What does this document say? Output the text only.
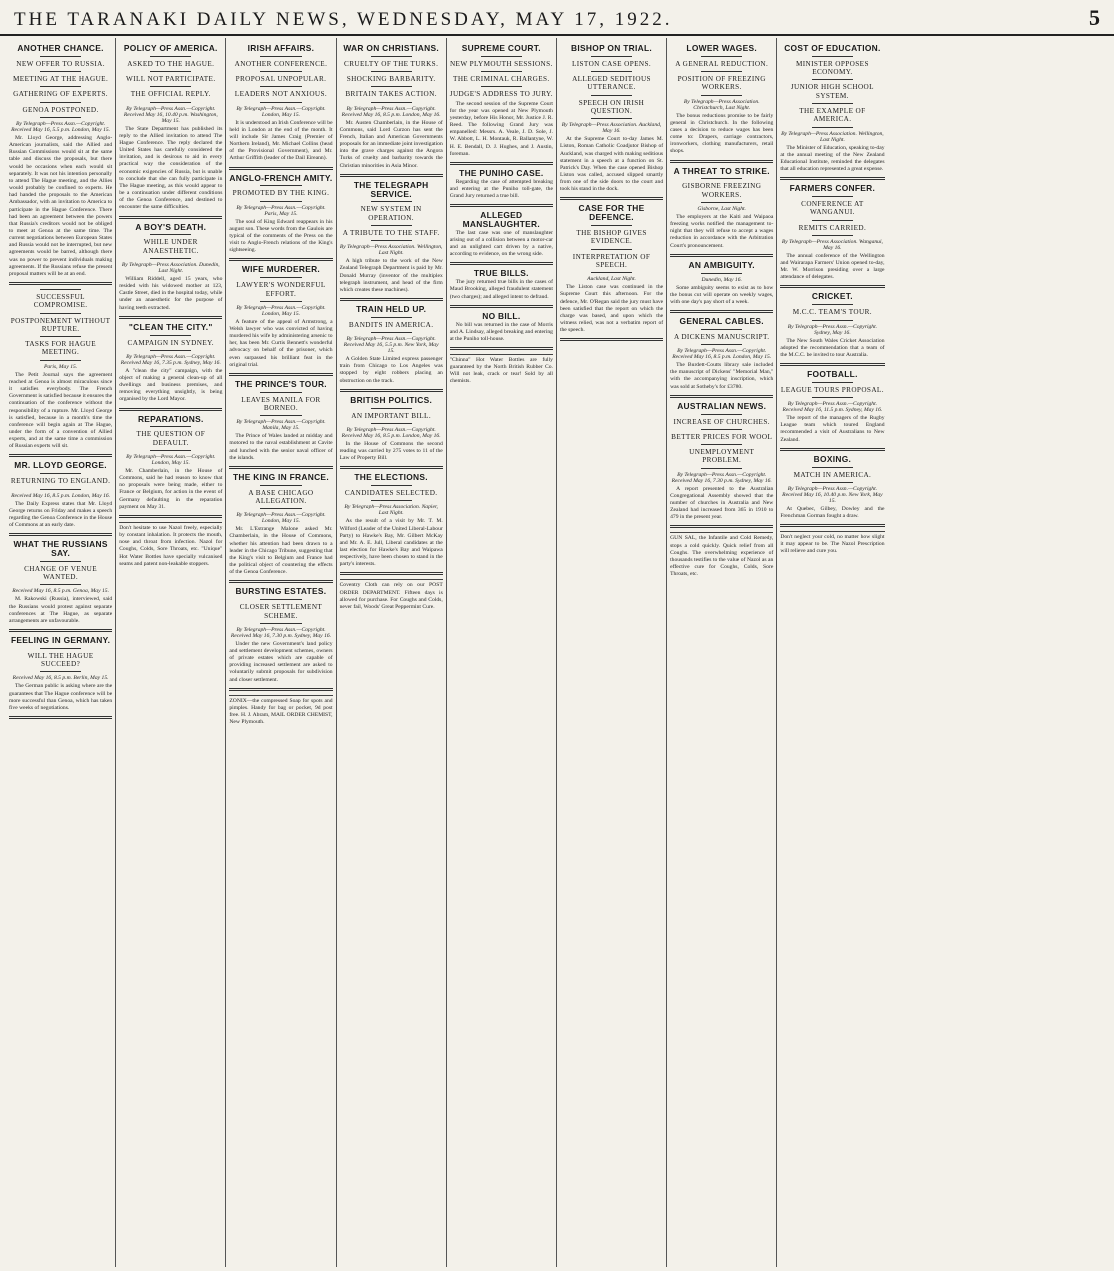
THE TARANAKI DAILY NEWS, WEDNESDAY, MAY 17, 1922.	5
ANOTHER CHANCE.
NEW OFFER TO RUSSIA.
MEETING AT THE HAGUE.
GATHERING OF EXPERTS.
GENOA POSTPONED.
By Telegraph—Press Assn.—Copyright. Received May 16, 5.5 p.m. London, May 15.

Mr. Lloyd George, addressing Anglo-American journalists, said the Allied and Russian Commissions would sit at the same table and discuss the proposals, but there would be occasions when each would sit separately. It was not his intention personally to attend The Hague meeting, and the Allies would probably be confined to experts. He had handed the proposals to the American Ambassador, with an invitation to America to participate in the Hague Conference. There had been an agreement between the powers that Russia's creditors would not be obliged to meet at Genoa at the same time. The current negotiations between European States and Russia would not be interrupted, but new agreements would be barred, although there was no power to prevent individuals making agreements. If the Russians refuse the present proposal matters will be at an end.

SUCCESSFUL COMPROMISE.
POSTPONEMENT WITHOUT RUPTURE.
TASKS FOR HAGUE MEETING.
Paris, May 15.

The Petit Journal says the agreement reached at Genoa is almost miraculous since it satisfies everybody. The French Government is satisfied because it ensures the continuation of the conference without the responsibility of a rupture. Mr. Lloyd George is satisfied, because in a month's time the conference will begin again at The Hague, under the form of a convention of Allied experts, and at the same time a commission of Russian experts will sit.

MR. LLOYD GEORGE.
RETURNING TO ENGLAND.
Received May 16, 8.5 p.m. London, May 16.

The Daily Express states that Mr. Lloyd George returns on Friday and makes a speech regarding the Genoa Conference in the House of Commons at an early date.

WHAT THE RUSSIANS SAY.
CHANGE OF VENUE WANTED.
Received May 16, 8.5 p.m. Genoa, May 15.

M. Rakowski (Russia), interviewed, said the Russians would protest against separate conferences at The Hague, as separate arrangements are unfavourable.

FEELING IN GERMANY.
WILL THE HAGUE SUCCEED?
Received May 16, 8.5 p.m. Berlin, May 15.

The German public is asking where are the guarantees that The Hague conference will be more successful than Genoa, which has taken five weeks of negotiations.

POLICY OF AMERICA.
ASKED TO THE HAGUE.
WILL NOT PARTICIPATE.
THE OFFICIAL REPLY.
By Telegraph—Press Assn.—Copyright. Received May 16, 10.40 p.m. Washington, May 15.

The State Department has published its reply to the Allied invitation to attend The Hague Conference. The reply declared the United States has carefully considered the invitation, and is desirous to aid in every practical way the consideration of the economic exigencies of Russia, but is unable to conclude that she can fully participate in The Hague meeting, as this would appear to be a continuation under different conditions of the Genoa Conference, and destined to encounter the same difficulties.

A BOY'S DEATH.
WHILE UNDER ANAESTHETIC.
By Telegraph—Press Association. Dunedin, Last Night.

William Riddell, aged 15 years, who resided with his widowed mother at 123, Castle Street, died in the hospital today, while under an anaesthetic for the purpose of having teeth extracted.

"CLEAN THE CITY."
CAMPAIGN IN SYDNEY.
By Telegraph—Press Assn.—Copyright. Received May 16, 7.35 p.m. Sydney, May 16.

A "clean the city" campaign, with the object of making a general clean-up of all dwellings and business premises, and removing everything unsightly, is being organised by the Lord Mayor.

REPARATIONS.
THE QUESTION OF DEFAULT.
By Telegraph—Press Assn.—Copyright. London, May 15.

Mr. Chamberlain, in the House of Commons, said he had reason to know that no proposals were being made, either to France or Belgium, for action in the event of Germany defaulting in the reparation payment on May 31.

Don't hesitate to use Nazol freely, especially by constant inhalation. It protects the mouth, nose and throat from infection. Nazol for Coughs, Colds, Sore Throats, etc. "Unique" Hot Water Bottles have specially vulcanised seams and patent non-leakable stoppers.
IRISH AFFAIRS.
ANOTHER CONFERENCE.
PROPOSAL UNPOPULAR.
LEADERS NOT ANXIOUS.
By Telegraph—Press Assn.—Copyright. London, May 15.

It is understood an Irish Conference will be held in London at the end of the month. It will include Sir James Craig (Premier of Northern Ireland), Mr. Michael Collins (head of the Provisional Government), and Mr. Arthur Griffith (leader of the Dail Eireann).

ANGLO-FRENCH AMITY.
PROMOTED BY THE KING.
By Telegraph—Press Assn.—Copyright. Paris, May 15.

The soul of King Edward reappears in his august son. These words from the Gaulois are typical of the comments of the Press on the visit to Anglo-French relations of the King's sightseeing.

WIFE MURDERER.
LAWYER'S WONDERFUL EFFORT.
By Telegraph—Press Assn.—Copyright. London, May 15.

A feature of the appeal of Armstrong, a Welsh lawyer who was convicted of having murdered his wife by administering arsenic to her, has been Mr. Curtis Bennett's wonderful advocacy on behalf of the prisoner, which even surpassed his brilliant feat in the original trial.

THE PRINCE'S TOUR.
LEAVES MANILA FOR BORNEO.
By Telegraph—Press Assn.—Copyright. Manila, May 15.

The Prince of Wales landed at midday and motored to the naval establishment at Cavite and lunched with the senior naval officer of the islands.

THE KING IN FRANCE.
A BASE CHICAGO ALLEGATION.
By Telegraph—Press Assn.—Copyright. London, May 15.

Mr. L'Estrange Malone asked Mr. Chamberlain, in the House of Commons, whether his attention had been drawn to a leader in the Chicago Tribune, suggesting that the King's visit to Belgium and France had the political object of countering the effects of the Genoa Conference.

BURSTING ESTATES.
CLOSER SETTLEMENT SCHEME.
By Telegraph—Press Assn.—Copyright. Received May 16, 7.30 p.m. Sydney, May 16.

Under the new Government's land policy and settlement development schemes, owners of private estates which are capable of providing increased settlement are asked to voluntarily submit proposals for subdivision and closer settlement.

ZONIX—the compressed Soap for spots and pimples. Handy for bag or pocket, 9d post free. H. J. Abram, MAIL ORDER CHEMIST, New Plymouth.
WAR ON CHRISTIANS.
CRUELTY OF THE TURKS.
SHOCKING BARBARITY.
BRITAIN TAKES ACTION.
By Telegraph—Press Assn.—Copyright. Received May 16, 8.5 p.m. London, May 16.

Mr. Austen Chamberlain, in the House of Commons, said Lord Curzon has sent the French, Italian and American Governments proposals for an immediate joint investigation into the grave charges against the Angora Turks of cruelty and barbarity towards the Christian minorities in Asia Minor.

THE TELEGRAPH SERVICE.
NEW SYSTEM IN OPERATION.
A TRIBUTE TO THE STAFF.
By Telegraph—Press Association. Wellington, Last Night.

A high tribute to the work of the New Zealand Telegraph Department is paid by Mr. Donald Murray (inventor of the multiplex telegraph instrument, and head of the firm which creates these machines).

TRAIN HELD UP.
BANDITS IN AMERICA.
By Telegraph—Press Assn.—Copyright. Received May 16, 5.5 p.m. New York, May 15.

A Golden State Limited express passenger train from Chicago to Los Angeles was stopped by eight robbers placing an obstruction on the track.

BRITISH POLITICS.
AN IMPORTANT BILL.
By Telegraph—Press Assn.—Copyright. Received May 16, 8.5 p.m. London, May 16.

In the House of Commons the second reading was carried by 275 votes to 11 of the Law of Property Bill.

THE ELECTIONS.
CANDIDATES SELECTED.
By Telegraph—Press Association. Napier, Last Night.

As the result of a visit by Mr. T. M. Wilford (Leader of the United Liberal-Labour Party) to Hawke's Bay, Mr. Gilbert McKay and Mr. A. E. Jull, Liberal candidates at the last election for Hawke's Bay and Waipawa respectively, have been chosen to stand in the party's interests.

Coventry Cloth can rely on our POST ORDER DEPARTMENT. Fifteen days is allowed for purchase. For Coughs and Colds, never fail, Woods' Great Peppermint Cure.
SUPREME COURT.
NEW PLYMOUTH SESSIONS.
THE CRIMINAL CHARGES.
JUDGE'S ADDRESS TO JURY.

The second session of the Supreme Court for the year was opened at New Plymouth yesterday, before His Honor, Mr. Justice J. R. Reed. The following Grand Jury was empanelled: Messrs. A. Veale, J. D. Sole, J. W. Abbott, L. H. Montauk, R. Ballantyne, W. H. E. Bendall, D. J. Hughes, and J. Austin, foreman.

THE PUNIHO CASE.

Regarding the case of attempted breaking and entering at the Puniho toll-gate, the Grand Jury returned a true bill.

ALLEGED MANSLAUGHTER.

The last case was one of manslaughter arising out of a collision between a motor-car and an unlighted cart driven by a native, according to evidence, on the wrong side.

TRUE BILLS.

The jury returned true bills in the cases of Maud Brooking, alleged fraudulent statement (two charges); and alleged intent to defraud.

NO BILL.

No bill was returned in the case of Morris and A. Lindsay, alleged breaking and entering at the Puniho toll-house.

"Chinna" Hot Water Bottles are fully guaranteed by the North British Rubber Co. Will not leak, crack or tear! Sold by all chemists.
BISHOP ON TRIAL.
LISTON CASE OPENS.
ALLEGED SEDITIOUS UTTERANCE.
SPEECH ON IRISH QUESTION.
By Telegraph—Press Association. Auckland, May 16.

At the Supreme Court to-day James M. Liston, Roman Catholic Coadjutor Bishop of Auckland, was charged with making seditious statement in a speech at a function on St. Patrick's Day. When the case opened Bishop Liston was called, accused slipped smartly from one of the side doors to the court and took his stand in the dock.

CASE FOR THE DEFENCE.
THE BISHOP GIVES EVIDENCE.
INTERPRETATION OF SPEECH.
Auckland, Last Night.

The Liston case was continued in the Supreme Court this afternoon. For the defence, Mr. O'Regan said the jury must have been satisfied that the report on which the charge was based, and upon which the witness relied, was not a verbatim report of the speech.

LOWER WAGES.
A GENERAL REDUCTION.
POSITION OF FREEZING WORKERS.
By Telegraph—Press Association. Christchurch, Last Night.

The bonus reductions promise to be fairly general in Christchurch. In the following cases a decision to reduce wages has been come to: Drapers, carriage contractors, ironworkers, clothing manufacturers, retail shops.

A THREAT TO STRIKE.
GISBORNE FREEZING WORKERS.
Gisborne, Last Night.

The employers at the Kaiti and Waipaoa freezing works notified the management to-night that they will refuse to accept a wages reduction in accordance with the Arbitration Court's pronouncement.

AN AMBIGUITY.
Dunedin, May 16.

Some ambiguity seems to exist as to how the bonus cut will operate on weekly wages, with one day's pay short of a week.

GENERAL CABLES.
A DICKENS MANUSCRIPT.
By Telegraph—Press Assn.—Copyright. Received May 16, 8.5 p.m. London, May 15.

The Burdett-Coutts library sale included the manuscript of Dickens' "Memorial Man," with the accompanying inscription, which was sold at Sotheby's for £3780.

AUSTRALIAN NEWS.
INCREASE OF CHURCHES.
BETTER PRICES FOR WOOL
UNEMPLOYMENT PROBLEM.
By Telegraph—Press Assn.—Copyright. Received May 16, 7.30 p.m. Sydney, May 16.

A report presented to the Australian Congregational Assembly showed that the number of churches in Australia and New Zealand had increased from 365 in 1910 to 479 in the present year.

GUN SAL, the Infantile and Cold Remedy, stops a cold quickly. Quick relief from all Coughs. The overwhelming experience of thousands testifies to the value of Nazol as an effective cure for Coughs, Colds, Sore Throats, etc.
COST OF EDUCATION.
MINISTER OPPOSES ECONOMY.
JUNIOR HIGH SCHOOL SYSTEM.
THE EXAMPLE OF AMERICA.
By Telegraph—Press Association. Wellington, Last Night.

The Minister of Education, speaking to-day at the annual meeting of the New Zealand Educational Institute, reminded the delegates that all education represented a great expense.

FARMERS CONFER.
CONFERENCE AT WANGANUI.
REMITS CARRIED.
By Telegraph—Press Association. Wanganui, May 16.

The annual conference of the Wellington and Wairarapa Farmers' Union opened to-day, Mr. W. Morrison presiding over a large attendance of delegates.

CRICKET.
M.C.C. TEAM'S TOUR.
By Telegraph—Press Assn.—Copyright. Sydney, May 16.

The New South Wales Cricket Association adopted the recommendation that a team of the M.C.C. be invited to tour Australia.

FOOTBALL.
LEAGUE TOURS PROPOSAL.
By Telegraph—Press Assn.—Copyright. Received May 16, 11.5 p.m. Sydney, May 16.

The report of the managers of the Rugby League team which toured England recommended a visit of Australians to New Zealand.

BOXING.
MATCH IN AMERICA.
By Telegraph—Press Assn.—Copyright. Received May 16, 10.40 p.m. New York, May 15.

At Quebec, Gilbey, Dowley and the Frenchman Gorman fought a draw.

Don't neglect your cold, no matter how slight it may appear to be. The Nazol Prescription will relieve and cure you.
